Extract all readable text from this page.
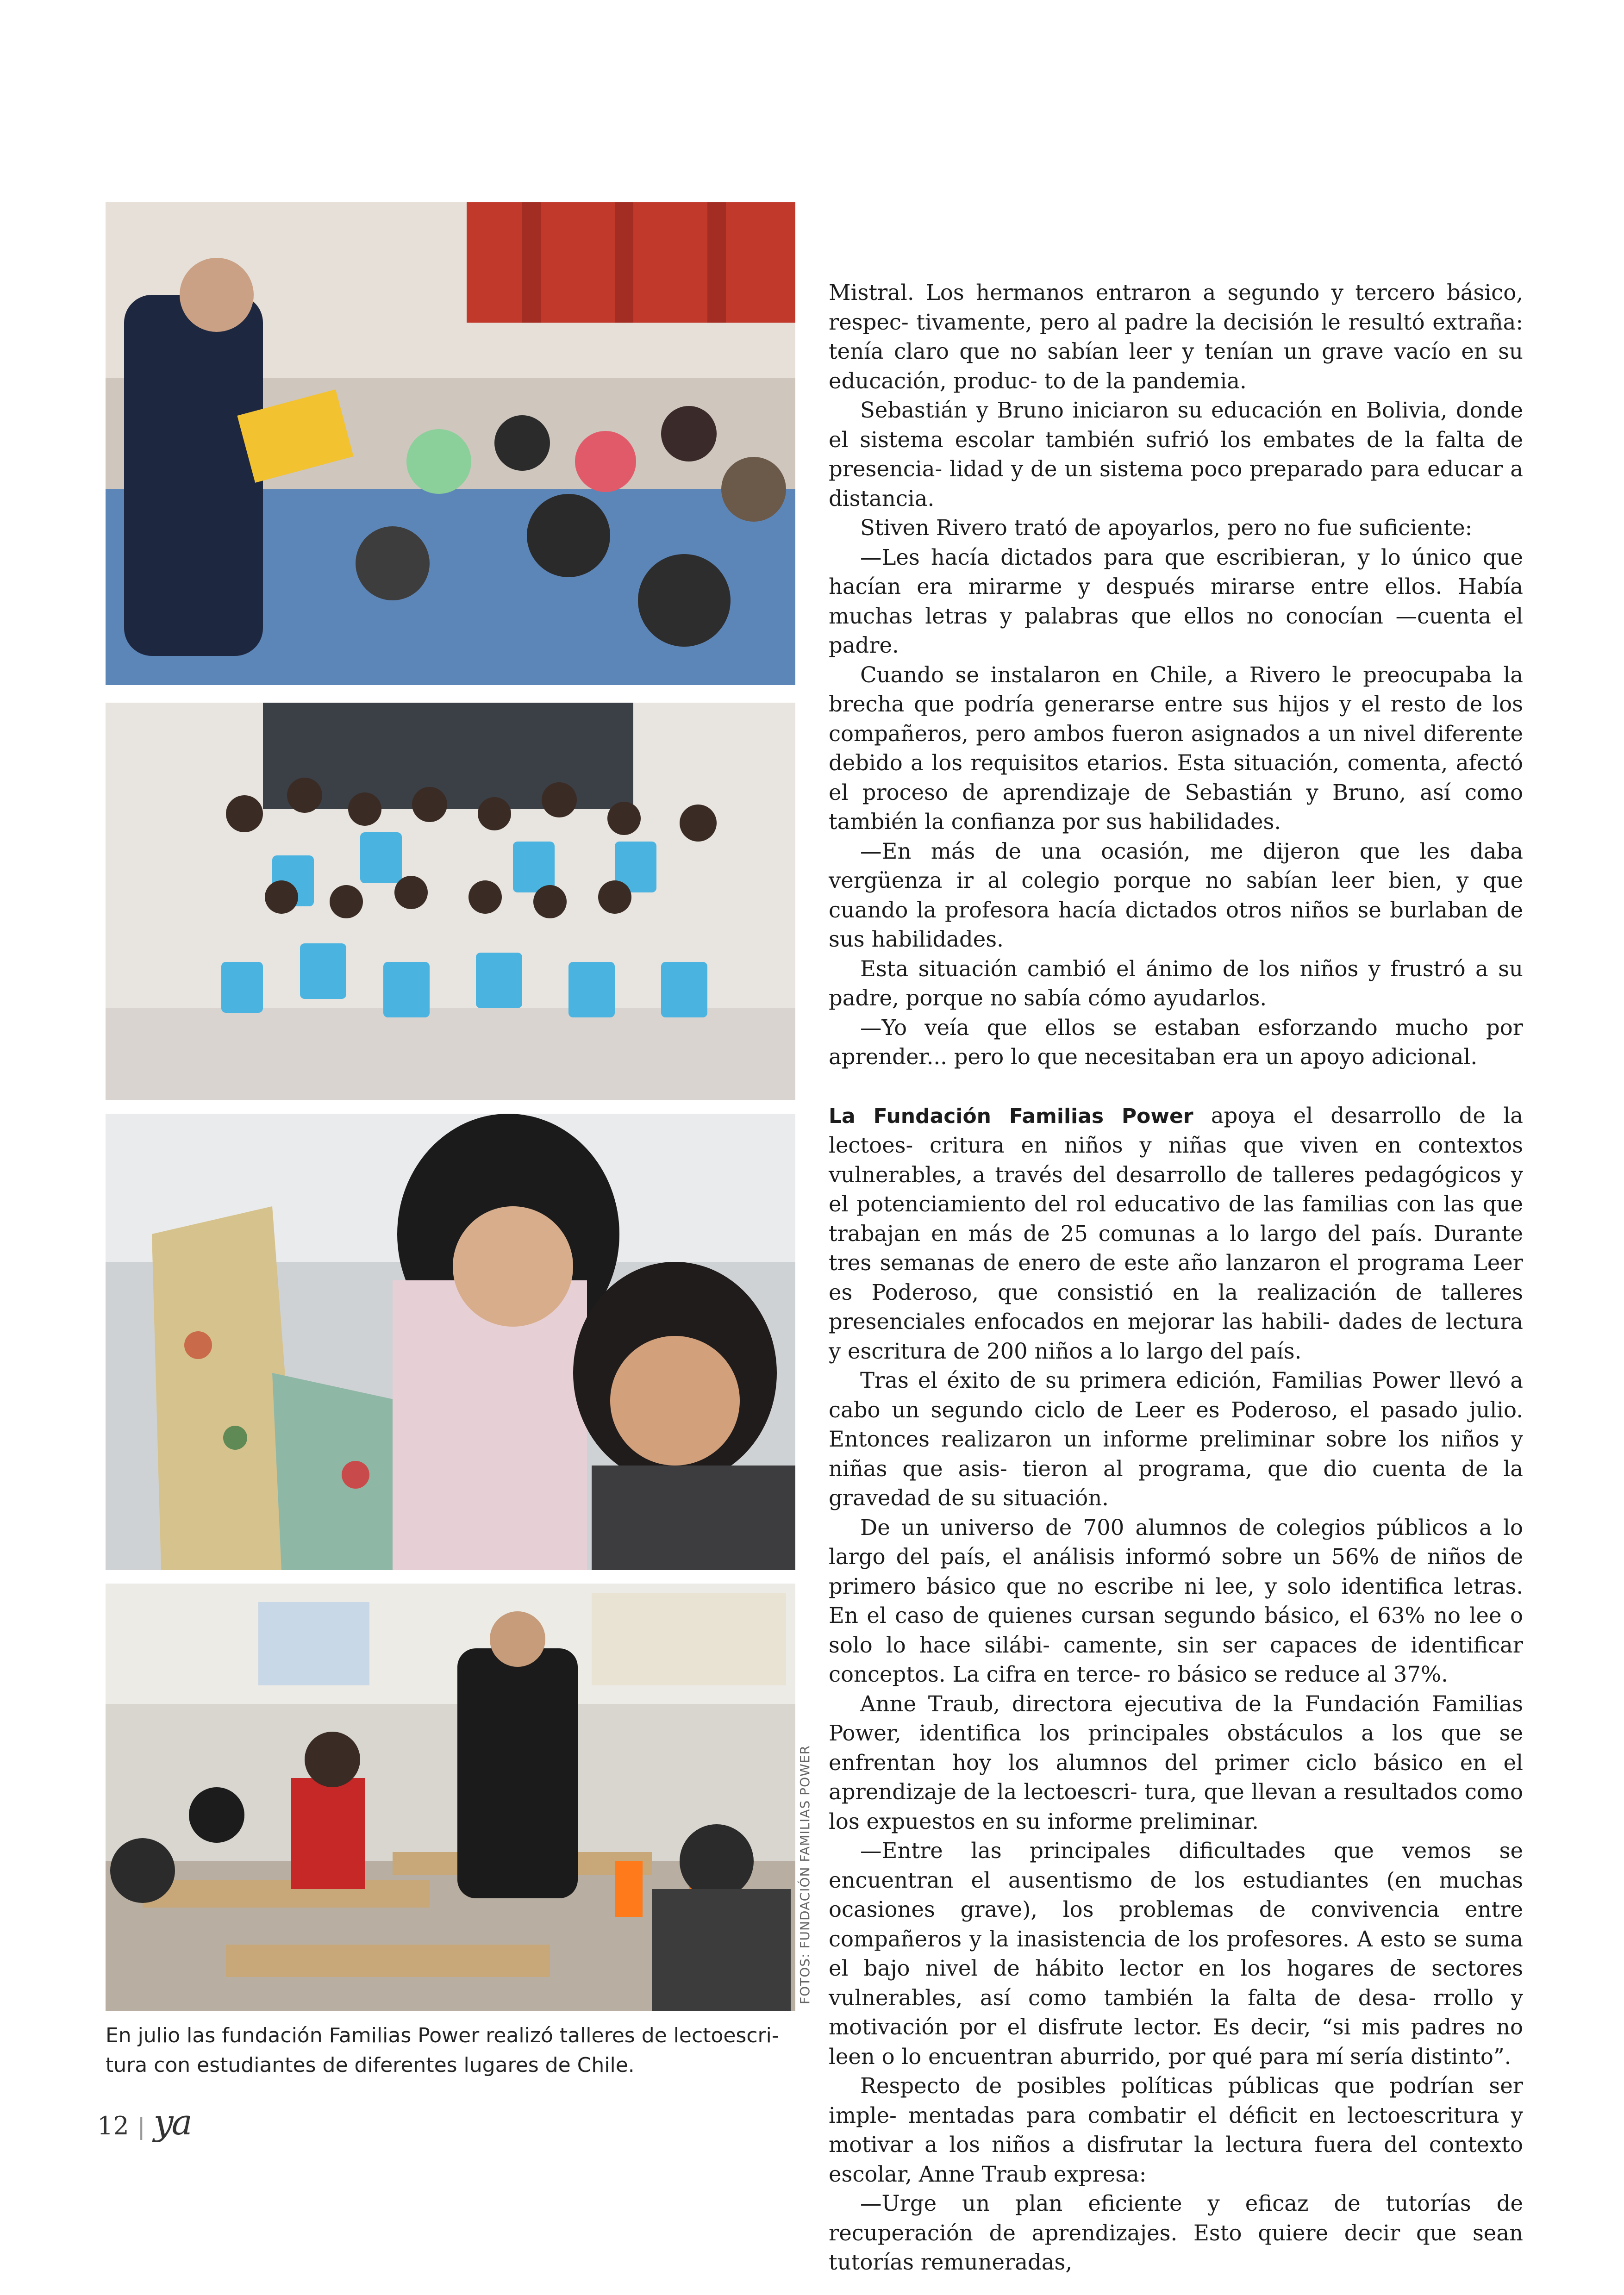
FOTOS: FUNDACIÓN FAMILIAS POWER
En julio las fundación Familias Power realizó talleres de lectoescri- tura con estudiantes de diferentes lugares de Chile.

Mistral. Los hermanos entraron a segundo y tercero básico, respec- tivamente, pero al padre la decisión le resultó extraña: tenía claro que no sabían leer y tenían un grave vacío en su educación, produc- to de la pandemia.

Sebastián y Bruno iniciaron su educación en Bolivia, donde el sistema escolar también sufrió los embates de la falta de presencia- lidad y de un sistema poco preparado para educar a distancia.

Stiven Rivero trató de apoyarlos, pero no fue suficiente:

—Les hacía dictados para que escribieran, y lo único que hacían era mirarme y después mirarse entre ellos. Había muchas letras y palabras que ellos no conocían —cuenta el padre.

Cuando se instalaron en Chile, a Rivero le preocupaba la brecha que podría generarse entre sus hijos y el resto de los compañeros, pero ambos fueron asignados a un nivel diferente debido a los requisitos etarios. Esta situación, comenta, afectó el proceso de aprendizaje de Sebastián y Bruno, así como también la confianza por sus habilidades.

—En más de una ocasión, me dijeron que les daba vergüenza ir al colegio porque no sabían leer bien, y que cuando la profesora hacía dictados otros niños se burlaban de sus habilidades.

Esta situación cambió el ánimo de los niños y frustró a su padre, porque no sabía cómo ayudarlos.

—Yo veía que ellos se estaban esforzando mucho por aprender... pero lo que necesitaban era un apoyo adicional.

La Fundación Familias Power apoya el desarrollo de la lectoes- critura en niños y niñas que viven en contextos vulnerables, a través del desarrollo de talleres pedagógicos y el potenciamiento del rol educativo de las familias con las que trabajan en más de 25 comunas a lo largo del país. Durante tres semanas de enero de este año lanzaron el programa Leer es Poderoso, que consistió en la realización de talleres presenciales enfocados en mejorar las habili- dades de lectura y escritura de 200 niños a lo largo del país.

Tras el éxito de su primera edición, Familias Power llevó a cabo un segundo ciclo de Leer es Poderoso, el pasado julio. Entonces realizaron un informe preliminar sobre los niños y niñas que asis- tieron al programa, que dio cuenta de la gravedad de su situación.

De un universo de 700 alumnos de colegios públicos a lo largo del país, el análisis informó sobre un 56% de niños de primero básico que no escribe ni lee, y solo identifica letras. En el caso de quienes cursan segundo básico, el 63% no lee o solo lo hace silábi- camente, sin ser capaces de identificar conceptos. La cifra en terce- ro básico se reduce al 37%.

Anne Traub, directora ejecutiva de la Fundación Familias Power, identifica los principales obstáculos a los que se enfrentan hoy los alumnos del primer ciclo básico en el aprendizaje de la lectoescri- tura, que llevan a resultados como los expuestos en su informe preliminar.

—Entre las principales dificultades que vemos se encuentran el ausentismo de los estudiantes (en muchas ocasiones grave), los problemas de convivencia entre compañeros y la inasistencia de los profesores. A esto se suma el bajo nivel de hábito lector en los hogares de sectores vulnerables, así como también la falta de desa- rrollo y motivación por el disfrute lector. Es decir, “si mis padres no leen o lo encuentran aburrido, por qué para mí sería distinto”.

Respecto de posibles políticas públicas que podrían ser imple- mentadas para combatir el déficit en lectoescritura y motivar a los niños a disfrutar la lectura fuera del contexto escolar, Anne Traub expresa:

—Urge un plan eficiente y eficaz de tutorías de recuperación de aprendizajes. Esto quiere decir que sean tutorías remuneradas,

12 | ya
